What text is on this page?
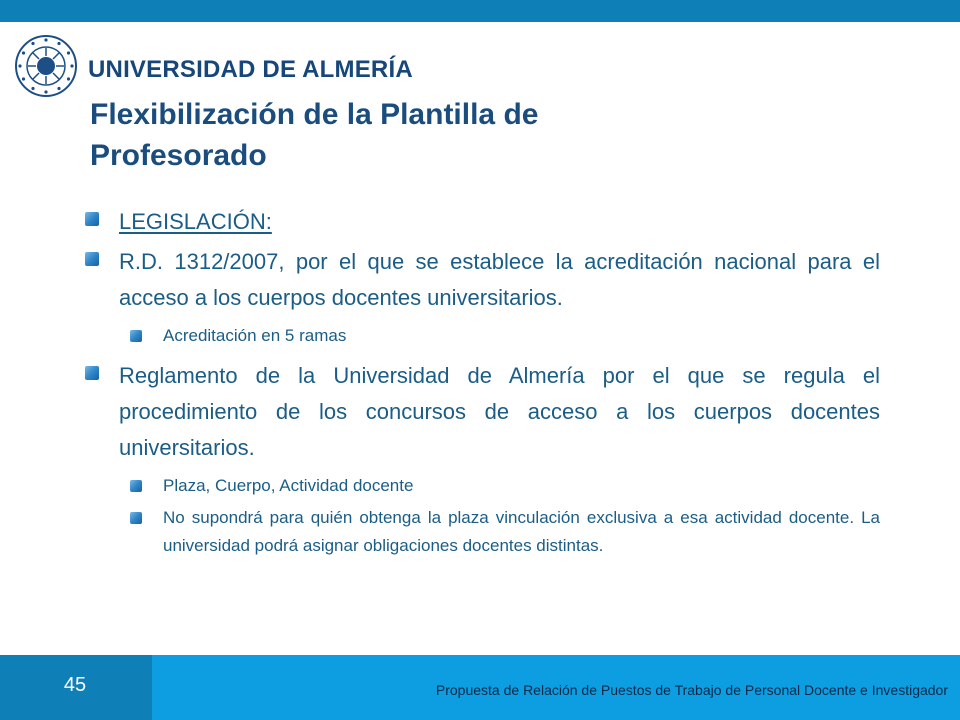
UNIVERSIDAD DE ALMERÍA
Flexibilización de la Plantilla de
Profesorado
LEGISLACIÓN:
R.D. 1312/2007, por el que se establece la acreditación nacional para el acceso a los cuerpos docentes universitarios.
Acreditación en 5 ramas
Reglamento de la Universidad de Almería por el que se regula el procedimiento de los concursos de acceso a los cuerpos docentes universitarios.
Plaza, Cuerpo, Actividad docente
No supondrá para quién obtenga la plaza vinculación exclusiva a esa actividad docente. La universidad podrá asignar obligaciones docentes distintas.
45	Propuesta de Relación de Puestos de Trabajo de Personal Docente e Investigador
